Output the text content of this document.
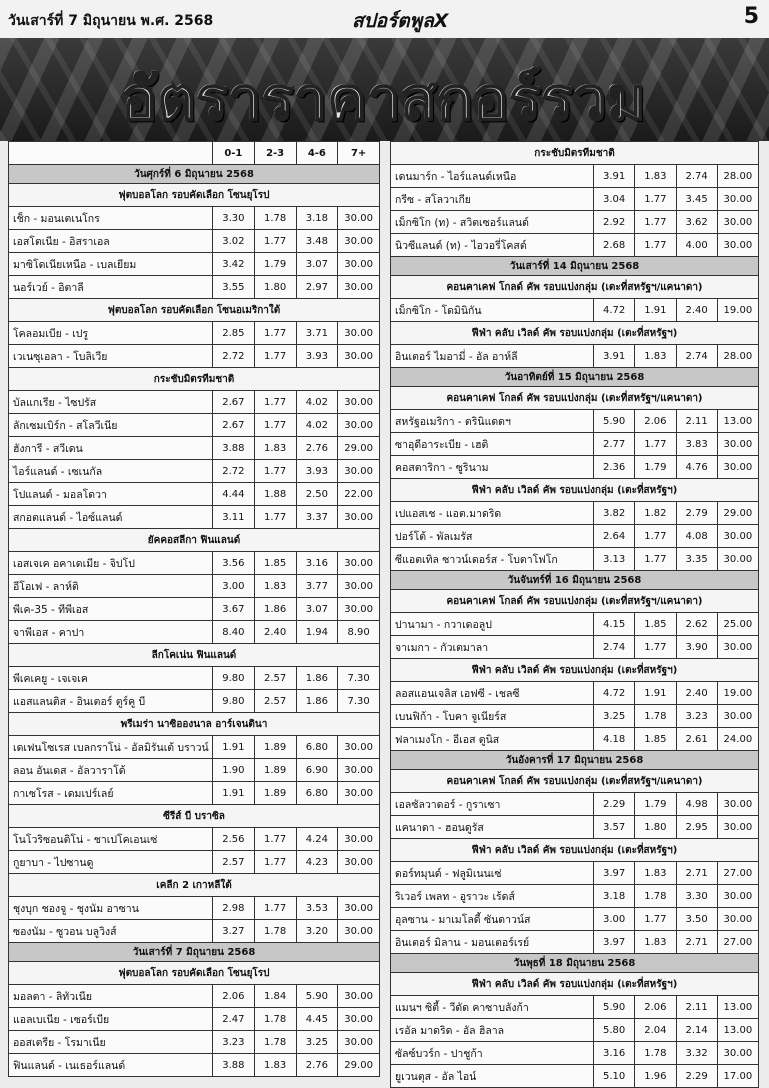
วันเสาร์ที่ 7 มิถุนายน พ.ศ. 2568	สปอร์ตพูลX	5
อัตราราคาสกอร์รวม
	0-1	2-3	4-6	7+
วันศุกร์ที่ 6 มิถุนายน 2568				
ฟุตบอลโลก รอบคัดเลือก โซนยุโรป				
เช็ก - มอนเตเนโกร	3.30	1.78	3.18	30.00
เอสโตเนีย - อิสราเอล	3.02	1.77	3.48	30.00
มาซิโดเนียเหนือ - เบลเยียม	3.42	1.79	3.07	30.00
นอร์เวย์ - อิตาลี	3.55	1.80	2.97	30.00
ฟุตบอลโลก รอบคัดเลือก โซนอเมริกาใต้				
โคลอมเบีย - เปรู	2.85	1.77	3.71	30.00
เวเนซุเอลา - โบลิเวีย	2.72	1.77	3.93	30.00
กระชับมิตรทีมชาติ				
บัลแกเรีย - ไซปรัส	2.67	1.77	4.02	30.00
ลักเซมเบิร์ก - สโลวีเนีย	2.67	1.77	4.02	30.00
ฮังการี - สวีเดน	3.88	1.83	2.76	29.00
ไอร์แลนด์ - เซเนกัล	2.72	1.77	3.93	30.00
โปแลนด์ - มอลโดวา	4.44	1.88	2.50	22.00
สกอตแลนด์ - ไอซ์แลนด์	3.11	1.77	3.37	30.00
ยัคคอสลีกา ฟินแลนด์				
เอสเจเค อคาเดเมีย - จิปโป	3.56	1.85	3.16	30.00
อีโอเฟ - ลาห์ติ	3.00	1.83	3.77	30.00
พีเค-35 - ทีพีเอส	3.67	1.86	3.07	30.00
จาพีเอส - คาปา	8.40	2.40	1.94	8.90
ลีกโคเน่น ฟินแลนด์				
พีเคเคยู - เจเจเค	9.80	2.57	1.86	7.30
แอสแลนติส - อินเตอร์ ตูร์คู บี	9.80	2.57	1.86	7.30
พรีเมร่า นาซิอองนาล อาร์เจนตินา				
เดเฟนโซเรส เบลกราโน่ - อัลมิรันเต้ บราวน์	1.91	1.89	6.80	30.00
ลอน อันเดส - อัลวาราโด้	1.90	1.89	6.90	30.00
กาเซโรส - เดมเปร์เลย์	1.91	1.89	6.80	30.00
ซีรีส์ บี บราซิล				
โนโวริซอนติโน่ - ชาเปโคเอนเซ่	2.56	1.77	4.24	30.00
กูยาบา - ไปซานดู	2.57	1.77	4.23	30.00
เคลีก 2 เกาหลีใต้				
ชุงบุก ชองจู - ชุงนัม อาซาน	2.98	1.77	3.53	30.00
ซองนัม - ซูวอน บลูวิงส์	3.27	1.78	3.20	30.00
วันเสาร์ที่ 7 มิถุนายน 2568				
ฟุตบอลโลก รอบคัดเลือก โซนยุโรป				
มอลตา - ลิทัวเนีย	2.06	1.84	5.90	30.00
แอลเบเนีย - เซอร์เบีย	2.47	1.78	4.45	30.00
ออสเตรีย - โรมาเนีย	3.23	1.78	3.25	30.00
ฟินแลนด์ - เนเธอร์แลนด์	3.88	1.83	2.76	29.00
กระชับมิตรทีมชาติ				
เดนมาร์ก - ไอร์แลนด์เหนือ	3.91	1.83	2.74	28.00
กรีซ - สโลวาเกีย	3.04	1.77	3.45	30.00
เม็กซิโก (ท) - สวิตเซอร์แลนด์	2.92	1.77	3.62	30.00
นิวซีแลนด์ (ท) - ไอวอรี่โคสต์	2.68	1.77	4.00	30.00
วันเสาร์ที่ 14 มิถุนายน 2568				
คอนคาเคฟ โกลด์ คัพ รอบแบ่งกลุ่ม (เตะที่สหรัฐฯ/แคนาดา)				
เม็กซิโก - โดมินิกัน	4.72	1.91	2.40	19.00
ฟีฟ่า คลับ เวิลด์ คัพ รอบแบ่งกลุ่ม (เตะที่สหรัฐฯ)				
อินเตอร์ ไมอามี่ - อัล อาห์ลี	3.91	1.83	2.74	28.00
วันอาทิตย์ที่ 15 มิถุนายน 2568				
คอนคาเคฟ โกลด์ คัพ รอบแบ่งกลุ่ม (เตะที่สหรัฐฯ/แคนาดา)				
สหรัฐอเมริกา - ตรินิแดดฯ	5.90	2.06	2.11	13.00
ซาอุดีอาระเบีย - เฮติ	2.77	1.77	3.83	30.00
คอสตาริกา - ซูรินาม	2.36	1.79	4.76	30.00
ฟีฟ่า คลับ เวิลด์ คัพ รอบแบ่งกลุ่ม (เตะที่สหรัฐฯ)				
เปแอสเช - แอต.มาดริด	3.82	1.82	2.79	29.00
ปอร์โต้ - พัลเมรัส	2.64	1.77	4.08	30.00
ซีแอตเทิล ซาวน์เดอร์ส - โบตาโฟโก	3.13	1.77	3.35	30.00
วันจันทร์ที่ 16 มิถุนายน 2568				
คอนคาเคฟ โกลด์ คัพ รอบแบ่งกลุ่ม (เตะที่สหรัฐฯ/แคนาดา)				
ปานามา - กวาเดอลูป	4.15	1.85	2.62	25.00
จาเมกา - กัวเตมาลา	2.74	1.77	3.90	30.00
ฟีฟ่า คลับ เวิลด์ คัพ รอบแบ่งกลุ่ม (เตะที่สหรัฐฯ)				
ลอสแอนเจลิส เอฟซี - เชลซี	4.72	1.91	2.40	19.00
เบนฟิก้า - โบคา จูเนียร์ส	3.25	1.78	3.23	30.00
ฟลาเมงโก - อีเอส ตูนิส	4.18	1.85	2.61	24.00
วันอังคารที่ 17 มิถุนายน 2568				
คอนคาเคฟ โกลด์ คัพ รอบแบ่งกลุ่ม (เตะที่สหรัฐฯ/แคนาดา)				
เอลซัลวาดอร์ - กูราเซา	2.29	1.79	4.98	30.00
แคนาดา - ฮอนดูรัส	3.57	1.80	2.95	30.00
ฟีฟ่า คลับ เวิลด์ คัพ รอบแบ่งกลุ่ม (เตะที่สหรัฐฯ)				
ดอร์ทมุนด์ - ฟลูมิเนนเซ่	3.97	1.83	2.71	27.00
ริเวอร์ เพลท - อูราวะ เร้ดส์	3.18	1.78	3.30	30.00
อุลซาน - มาเมโลดี้ ซันดาวน์ส	3.00	1.77	3.50	30.00
อินเตอร์ มิลาน - มอนเตอร์เรย์	3.97	1.83	2.71	27.00
วันพุธที่ 18 มิถุนายน 2568				
ฟีฟ่า คลับ เวิลด์ คัพ รอบแบ่งกลุ่ม (เตะที่สหรัฐฯ)				
แมนฯ ซิตี้ - วีดัด คาซาบลังก้า	5.90	2.06	2.11	13.00
เรอัล มาดริด - อัล ฮิลาล	5.80	2.04	2.14	13.00
ซัลซ์บวร์ก - ปาชูก้า	3.16	1.78	3.32	30.00
ยูเวนตุส - อัล ไอน์	5.10	1.96	2.29	17.00
